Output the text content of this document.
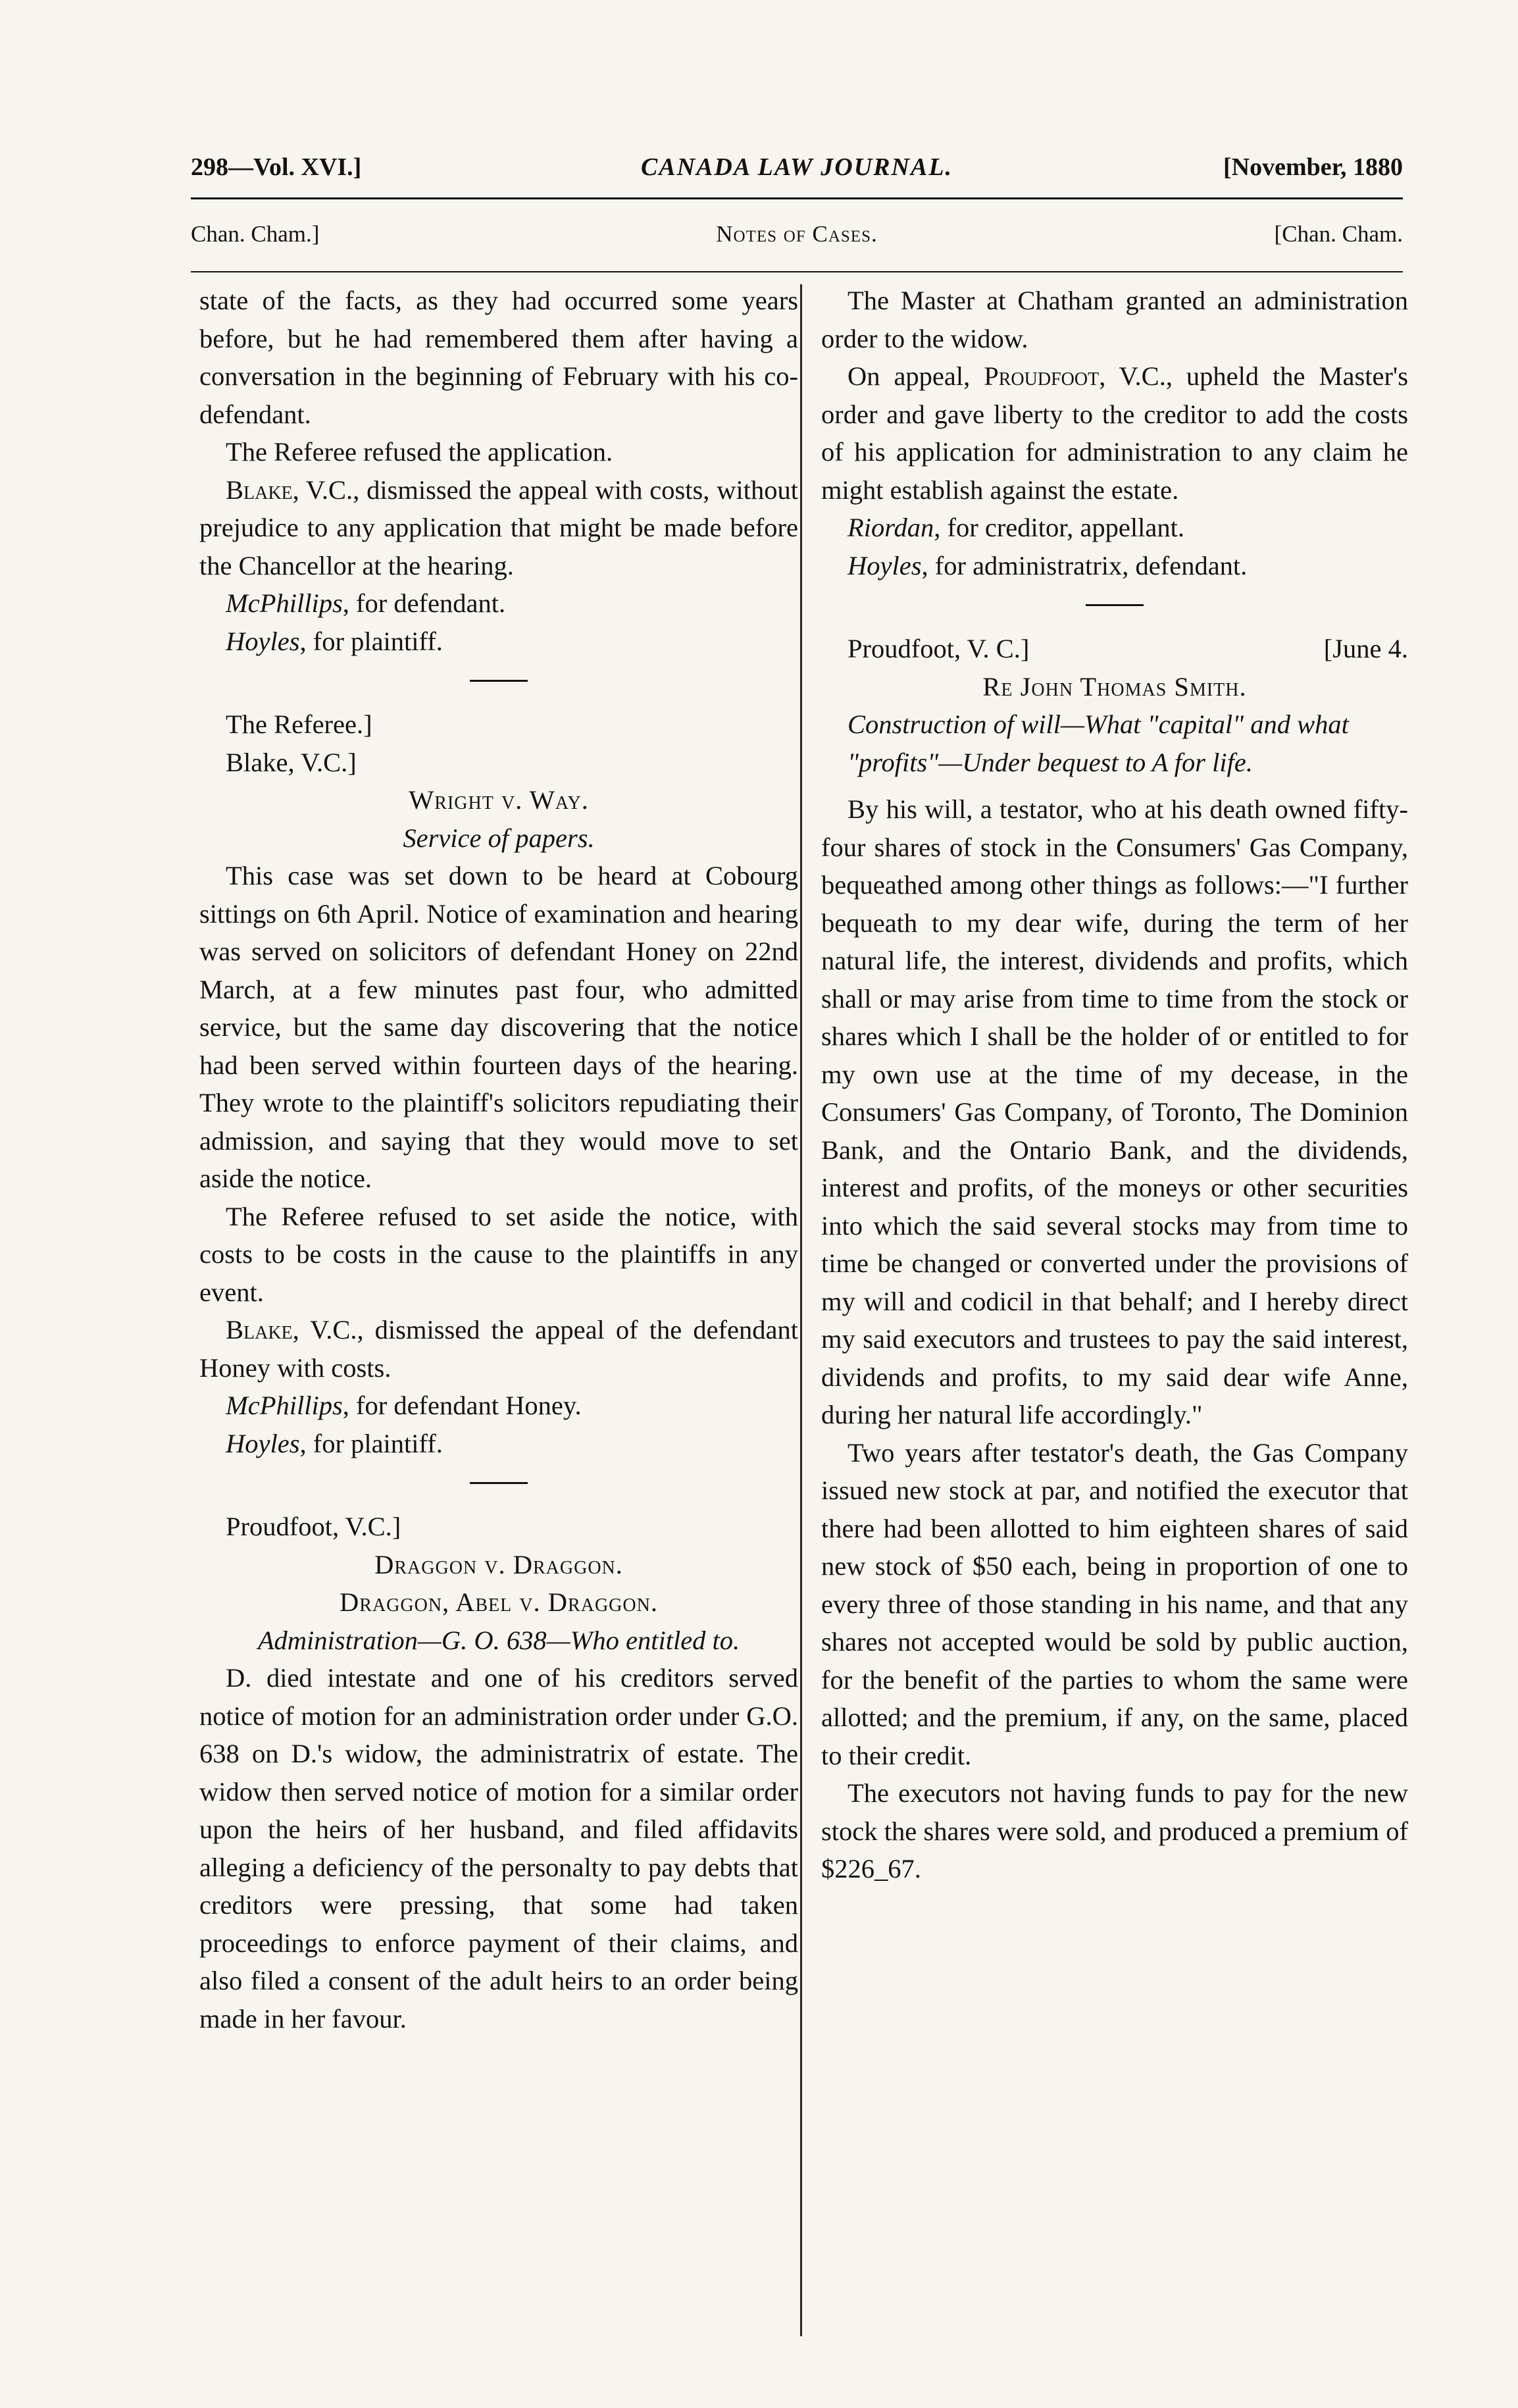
298—Vol. XVI.]	CANADA LAW JOURNAL.	[November, 1880
Chan. Cham.]	Notes of Cases.	[Chan. Cham.

state of the facts, as they had occurred some years before, but he had remembered them after having a conversation in the beginning of February with his co-defendant.

The Referee refused the application.

Blake, V.C., dismissed the appeal with costs, without prejudice to any application that might be made before the Chancellor at the hearing.

McPhillips, for defendant.

Hoyles, for plaintiff.

The Referee.]

Blake, V.C.]

Wright v. Way.

Service of papers.

This case was set down to be heard at Cobourg sittings on 6th April. Notice of examination and hearing was served on solicitors of defendant Honey on 22nd March, at a few minutes past four, who admitted service, but the same day discovering that the notice had been served within fourteen days of the hearing. They wrote to the plaintiff's solicitors repudiating their admission, and saying that they would move to set aside the notice.

The Referee refused to set aside the notice, with costs to be costs in the cause to the plaintiffs in any event.

Blake, V.C., dismissed the appeal of the defendant Honey with costs.

McPhillips, for defendant Honey.

Hoyles, for plaintiff.

Proudfoot, V.C.]

Draggon v. Draggon.

Draggon, Abel v. Draggon.

Administration—G. O. 638—Who entitled to.

D. died intestate and one of his creditors served notice of motion for an administration order under G.O. 638 on D.'s widow, the administratrix of estate. The widow then served notice of motion for a similar order upon the heirs of her husband, and filed affidavits alleging a deficiency of the personalty to pay debts that creditors were pressing, that some had taken proceedings to enforce payment of their claims, and also filed a consent of the adult heirs to an order being made in her favour.

The Master at Chatham granted an administration order to the widow.

On appeal, Proudfoot, V.C., upheld the Master's order and gave liberty to the creditor to add the costs of his application for administration to any claim he might establish against the estate.

Riordan, for creditor, appellant.

Hoyles, for administratrix, defendant.

Proudfoot, V. C.]	[June 4.

Re John Thomas Smith.

Construction of will—What "capital" and what "profits"—Under bequest to A for life.

By his will, a testator, who at his death owned fifty-four shares of stock in the Consumers' Gas Company, bequeathed among other things as follows:—"I further bequeath to my dear wife, during the term of her natural life, the interest, dividends and profits, which shall or may arise from time to time from the stock or shares which I shall be the holder of or entitled to for my own use at the time of my decease, in the Consumers' Gas Company, of Toronto, The Dominion Bank, and the Ontario Bank, and the dividends, interest and profits, of the moneys or other securities into which the said several stocks may from time to time be changed or converted under the provisions of my will and codicil in that behalf; and I hereby direct my said executors and trustees to pay the said interest, dividends and profits, to my said dear wife Anne, during her natural life accordingly."

Two years after testator's death, the Gas Company issued new stock at par, and notified the executor that there had been allotted to him eighteen shares of said new stock of $50 each, being in proportion of one to every three of those standing in his name, and that any shares not accepted would be sold by public auction, for the benefit of the parties to whom the same were allotted; and the premium, if any, on the same, placed to their credit.

The executors not having funds to pay for the new stock the shares were sold, and produced a premium of $226_67.
